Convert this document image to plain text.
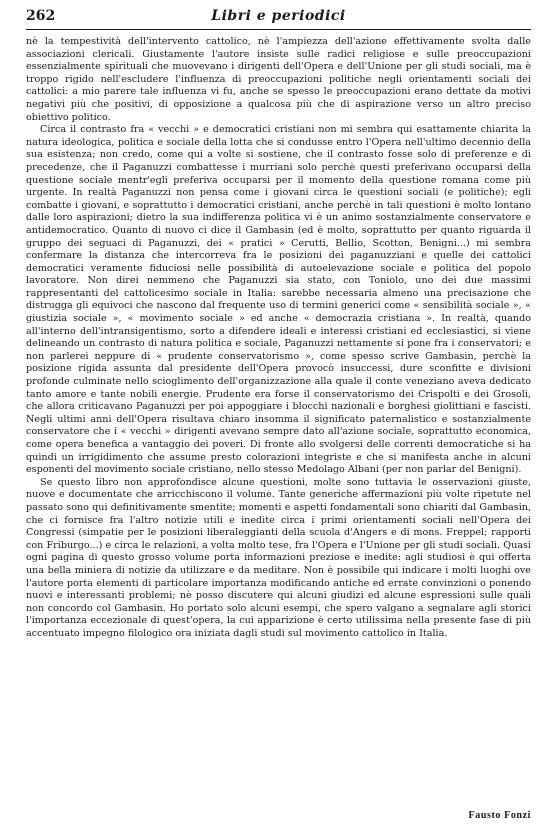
262	Libri e periodici

nè la tempestività dell'intervento cattolico, nè l'ampiezza dell'azione effettivamente svolta dalle associazioni clericali. Giustamente l'autore insiste sulle radici religiose e sulle preoccupazioni essenzialmente spirituali che muovevano i dirigenti dell'Opera e dell'Unione per gli studi sociali, ma è troppo rigido nell'escludere l'influenza di preoccupazioni politiche negli orientamenti sociali dei cattolici: a mio parere tale influenza vi fu, anche se spesso le preoccupazioni erano dettate da motivi negativi più che positivi, di opposizione a qualcosa più che di aspirazione verso un altro preciso obiettivo politico.

Circa il contrasto fra « vecchi » e democratici cristiani non mi sembra qui esattamente chiarita la natura ideologica, politica e sociale della lotta che si condusse entro l'Opera nell'ultimo decennio della sua esistenza; non credo, come qui a volte si sostiene, che il contrasto fosse solo di preferenze e di precedenze, che il Paganuzzi combattesse i murriani solo perchè questi preferivano occuparsi della questione sociale mentr'egli preferiva occuparsi per il momento della questione romana come più urgente. In realtà Paganuzzi non pensa come i giovani circa le questioni sociali (e politiche); egli combatte i giovani, e soprattutto i democratici cristiani, anche perchè in tali questioni è molto lontano dalle loro aspirazioni; dietro la sua indifferenza politica vi è un animo sostanzialmente conservatore e antidemocratico. Quanto di nuovo ci dice il Gambasin (ed è molto, soprattutto per quanto riguarda il gruppo dei seguaci di Paganuzzi, dei « pratici » Cerutti, Bellio, Scotton, Benigni...) mi sembra confermare la distanza che intercorreva fra le posizioni dei paganuzziani e quelle dei cattolici democratici veramente fiduciosi nelle possibilità di autoelevazione sociale e politica del popolo lavoratore. Non direi nemmeno che Paganuzzi sia stato, con Toniolo, uno dei due massimi rappresentanti del cattolicesimo sociale in Italia: sarebbe necessaria almeno una precisazione che distrugga gli equivoci che nascono dal frequente uso di termini generici come « sensibilità sociale », « giustizia sociale », « movimento sociale » ed anche « democrazia cristiana ». In realtà, quando all'interno dell'intransigentismo, sorto a difendere ideali e interessi cristiani ed ecclesiastici, si viene delineando un contrasto di natura politica e sociale, Paganuzzi nettamente si pone fra i conservatori; e non parlerei neppure di « prudente conservatorismo », come spesso scrive Gambasin, perchè la posizione rigida assunta dal presidente dell'Opera provocò insuccessi, dure sconfitte e divisioni profonde culminate nello scioglimento dell'organizzazione alla quale il conte veneziano aveva dedicato tanto amore e tante nobili energie. Prudente era forse il conservatorismo dei Crispolti e dei Grosoli, che allora criticavano Paganuzzi per poi appoggiare i blocchi nazionali e borghesi giolittiani e fascisti. Negli ultimi anni dell'Opera risultava chiaro insomma il significato paternalistico e sostanzialmente conservatore che i « vecchi » dirigenti avevano sempre dato all'azione sociale, soprattutto economica, come opera benefica a vantaggio dei poveri. Di fronte allo svolgersi delle correnti democratiche si ha quindi un irrigidimento che assume presto colorazioni integriste e che si manifesta anche in alcuni esponenti del movimento sociale cristiano, nello stesso Medolago Albani (per non parlar del Benigni).

Se questo libro non approfondisce alcune questioni, molte sono tuttavia le osservazioni giuste, nuove e documentate che arricchiscono il volume. Tante generiche affermazioni più volte ripetute nel passato sono qui definitivamente smentite; momenti e aspetti fondamentali sono chiariti dal Gambasin, che ci fornisce fra l'altro notizie utili e inedite circa i primi orientamenti sociali nell'Opera dei Congressi (simpatie per le posizioni liberaleggianti della scuola d'Angers e di mons. Freppel; rapporti con Friburgo...) e circa le relazioni, a volta molto tese, fra l'Opera e l'Unione per gli studi sociali. Quasi ogni pagina di questo grosso volume porta informazioni preziose e inedite: agli studiosi è qui offerta una bella miniera di notizie da utilizzare e da meditare. Non è possibile qui indicare i molti luoghi ove l'autore porta elementi di particolare importanza modificando antiche ed errate convinzioni o ponendo nuovi e interessanti problemi; nè posso discutere qui alcuni giudizi ed alcune espressioni sulle quali non concordo col Gambasin. Ho portato solo alcuni esempi, che spero valgano a segnalare agli storici l'importanza eccezionale di quest'opera, la cui apparizione è certo utilissima nella presente fase di più accentuato impegno filologico ora iniziata dagli studi sul movimento cattolico in Italia.

Fausto Fonzi
